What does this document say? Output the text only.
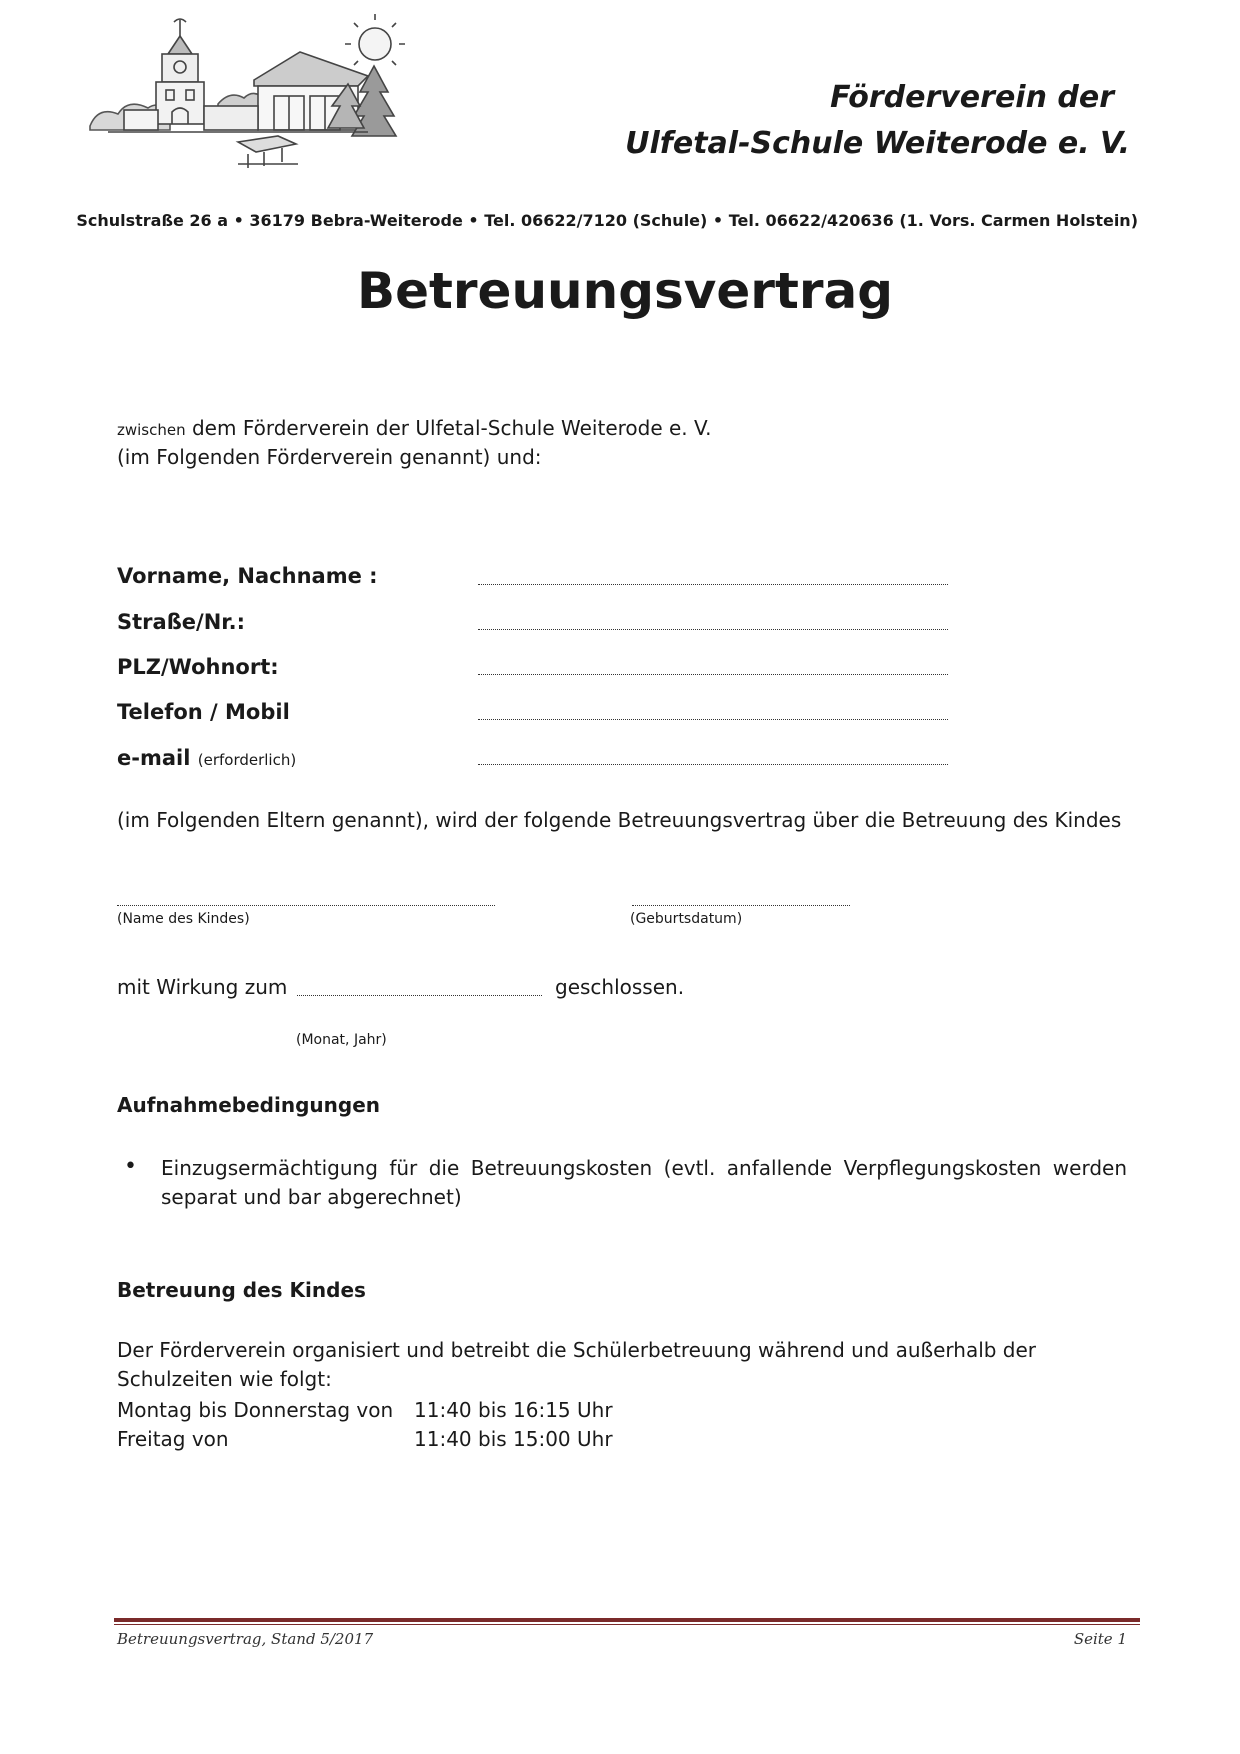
Förderverein der
Ulfetal-Schule Weiterode e. V.
Schulstraße 26 a • 36179 Bebra-Weiterode • Tel. 06622/7120 (Schule) • Tel. 06622/420636 (1. Vors. Carmen Holstein)
Betreuungsvertrag
zwischen dem Förderverein der Ulfetal-Schule Weiterode e. V.
(im Folgenden Förderverein genannt) und:
Vorname, Nachname :
Straße/Nr.:
PLZ/Wohnort:
Telefon / Mobil
e-mail (erforderlich)
(im Folgenden Eltern genannt), wird der folgende Betreuungsvertrag über die Betreuung des Kindes
(Name des Kindes)	(Geburtsdatum)
mit Wirkung zum	geschlossen.
(Monat, Jahr)
Aufnahmebedingungen
• Einzugsermächtigung für die Betreuungskosten (evtl. anfallende Verpflegungskosten werden separat und bar abgerechnet)
Betreuung des Kindes
Der Förderverein organisiert und betreibt die Schülerbetreuung während und außerhalb der Schulzeiten wie folgt:
Montag bis Donnerstag von 11:40 bis 16:15 Uhr
Freitag von	11:40 bis 15:00 Uhr
Betreuungsvertrag, Stand 5/2017	Seite 1
